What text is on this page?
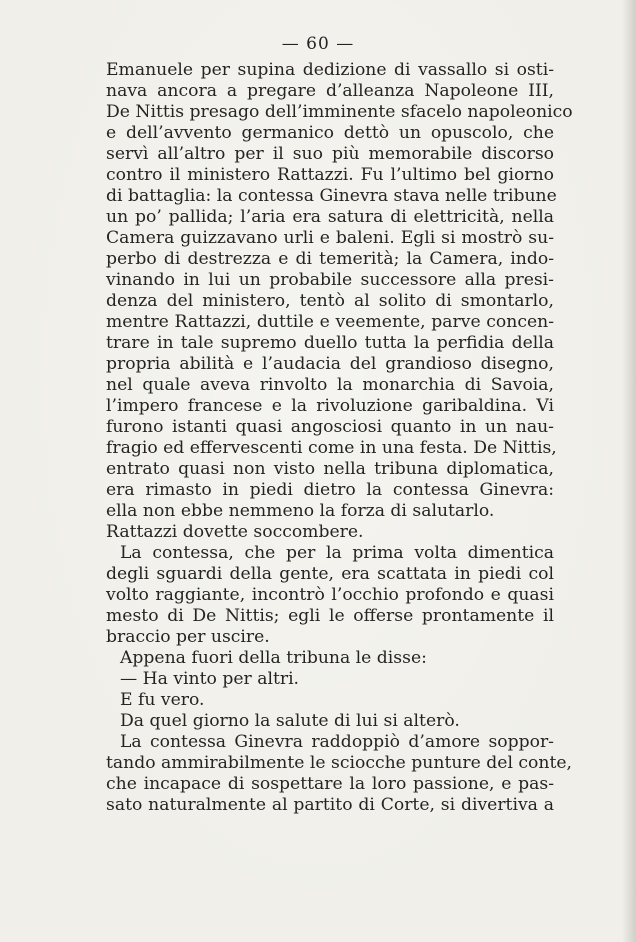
— 60 —
Emanuele per supina dedizione di vassallo si osti-
nava ancora a pregare d’alleanza Napoleone III,
De Nittis presago dell’imminente sfacelo napoleonico
e dell’avvento germanico dettò un opuscolo, che
servì all’altro per il suo più memorabile discorso
contro il ministero Rattazzi. Fu l’ultimo bel giorno
di battaglia: la contessa Ginevra stava nelle tribune
un po’ pallida; l’aria era satura di elettricità, nella
Camera guizzavano urli e baleni. Egli si mostrò su-
perbo di destrezza e di temerità; la Camera, indo-
vinando in lui un probabile successore alla presi-
denza del ministero, tentò al solito di smontarlo,
mentre Rattazzi, duttile e veemente, parve concen-
trare in tale supremo duello tutta la perfidia della
propria abilità e l’audacia del grandioso disegno,
nel quale aveva rinvolto la monarchia di Savoia,
l’impero francese e la rivoluzione garibaldina. Vi
furono istanti quasi angosciosi quanto in un nau-
fragio ed effervescenti come in una festa. De Nittis,
entrato quasi non visto nella tribuna diplomatica,
era rimasto in piedi dietro la contessa Ginevra:
ella non ebbe nemmeno la forza di salutarlo.
Rattazzi dovette soccombere.
La contessa, che per la prima volta dimentica
degli sguardi della gente, era scattata in piedi col
volto raggiante, incontrò l’occhio profondo e quasi
mesto di De Nittis; egli le offerse prontamente il
braccio per uscire.
Appena fuori della tribuna le disse:
— Ha vinto per altri.
E fu vero.
Da quel giorno la salute di lui si alterò.
La contessa Ginevra raddoppiò d’amore soppor-
tando ammirabilmente le sciocche punture del conte,
che incapace di sospettare la loro passione, e pas-
sato naturalmente al partito di Corte, si divertiva a
